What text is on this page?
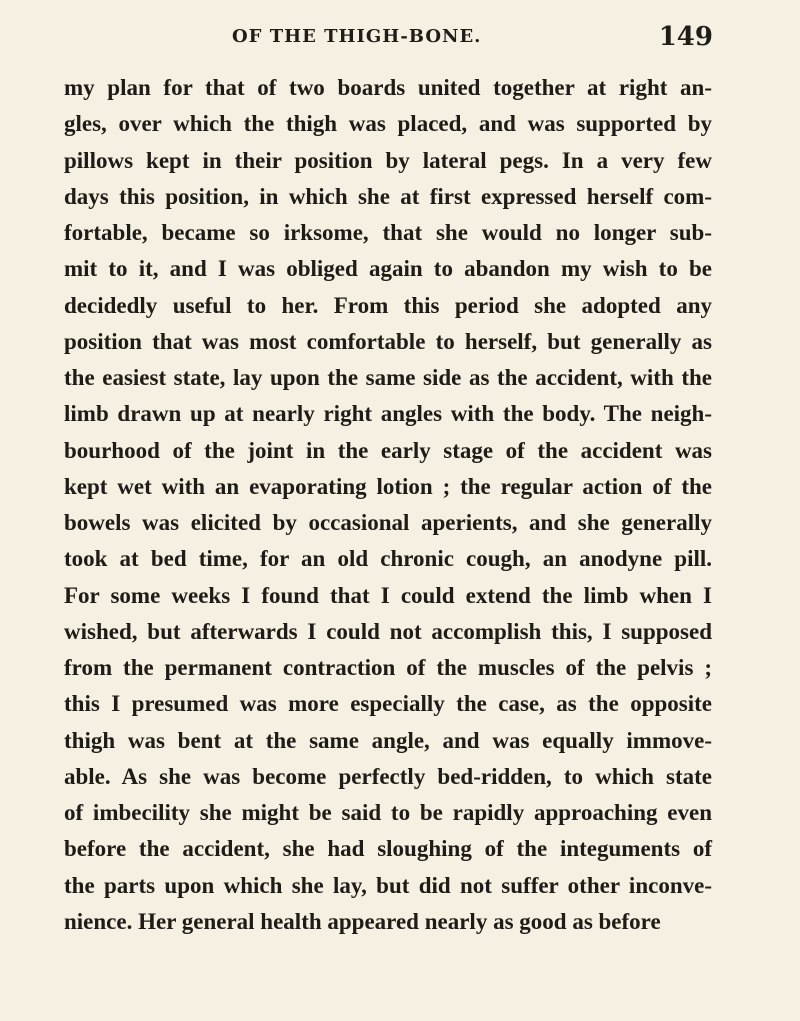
OF THE THIGH-BONE.	149
my plan for that of two boards united together at right an-
gles, over which the thigh was placed, and was supported by
pillows kept in their position by lateral pegs. In a very few
days this position, in which she at first expressed herself com-
fortable, became so irksome, that she would no longer sub-
mit to it, and I was obliged again to abandon my wish to be
decidedly useful to her. From this period she adopted any
position that was most comfortable to herself, but generally as
the easiest state, lay upon the same side as the accident, with the
limb drawn up at nearly right angles with the body. The neigh-
bourhood of the joint in the early stage of the accident was
kept wet with an evaporating lotion ; the regular action of the
bowels was elicited by occasional aperients, and she generally
took at bed time, for an old chronic cough, an anodyne pill.
For some weeks I found that I could extend the limb when I
wished, but afterwards I could not accomplish this, I supposed
from the permanent contraction of the muscles of the pelvis ;
this I presumed was more especially the case, as the opposite
thigh was bent at the same angle, and was equally immove-
able. As she was become perfectly bed-ridden, to which state
of imbecility she might be said to be rapidly approaching even
before the accident, she had sloughing of the integuments of
the parts upon which she lay, but did not suffer other inconve-
nience. Her general health appeared nearly as good as before
